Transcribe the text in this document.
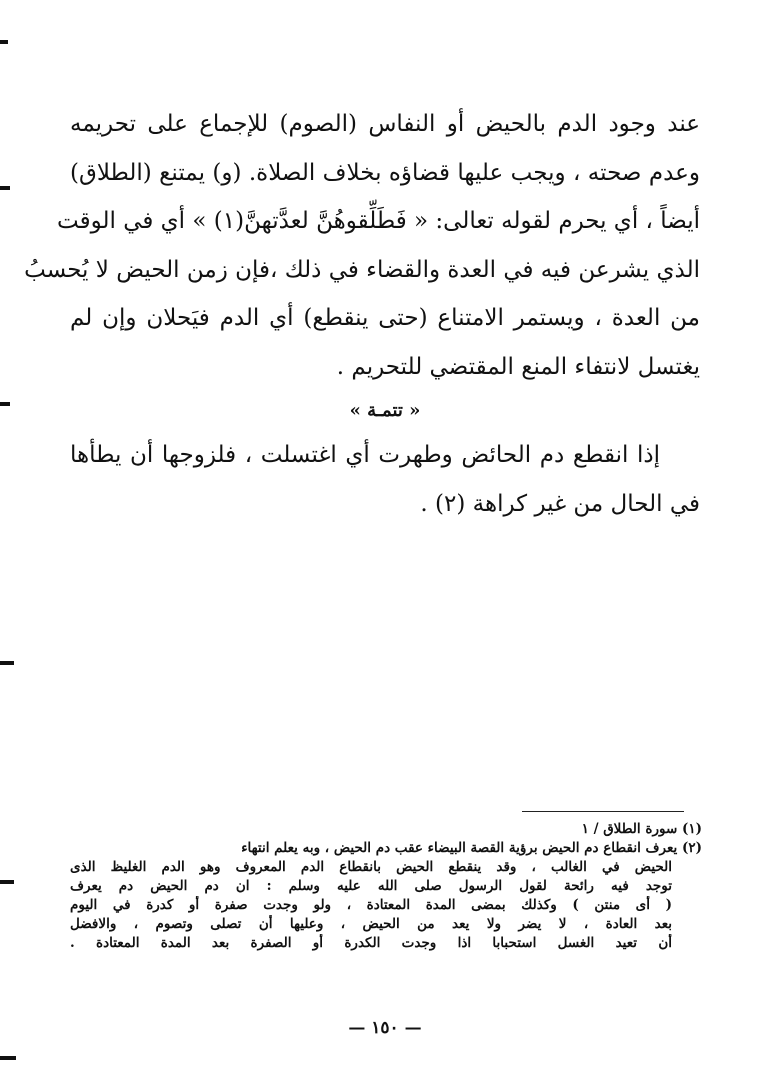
عند وجود الدم بالحيض أو النفاس (الصوم) للإجماع على تحريمه
وعدم صحته ، ويجب عليها قضاؤه بخلاف الصلاة. (و) يمتنع (الطلاق)
أيضاً ، أي يحرم لقوله تعالى: « فَطَلِّقوهُنَّ لعدَّتهنَّ(١) » أي في الوقت
الذي يشرعن فيه في العدة والقضاء في ذلك ،فإن زمن الحيض لا يُحسبُ
من العدة ، ويستمر الامتناع (حتى ينقطع) أي الدم فيَحلان وإن لم
يغتسل لانتفاء المنع المقتضي للتحريم .

« تتمـة »

إذا انقطع دم الحائض وطهرت أي اغتسلت ، فلزوجها أن يطأها
في الحال من غير كراهة (٢) .

(١) سورة الطلاق / ١
(٢) يعرف انقطاع دم الحيض برؤية القصة البيضاء عقب دم الحيض ، وبه يعلم انتهاء
الحيض في الغالب ، وقد ينقطع الحيض بانقطاع الدم المعروف وهو الدم الغليظ الذى
توجد فيه رائحة لقول الرسول صلى الله عليه وسلم : ان دم الحيض دم يعرف
( أى منتن ) وكذلك بمضى المدة المعتادة ، ولو وجدت صفرة أو كدرة في اليوم
بعد العادة ، لا يضر ولا يعد من الحيض ، وعليها أن تصلى وتصوم ، والافضل
أن تعيد الغسل استحبابا اذا وجدت الكدرة أو الصفرة بعد المدة المعتادة .
— ١٥٠ —
